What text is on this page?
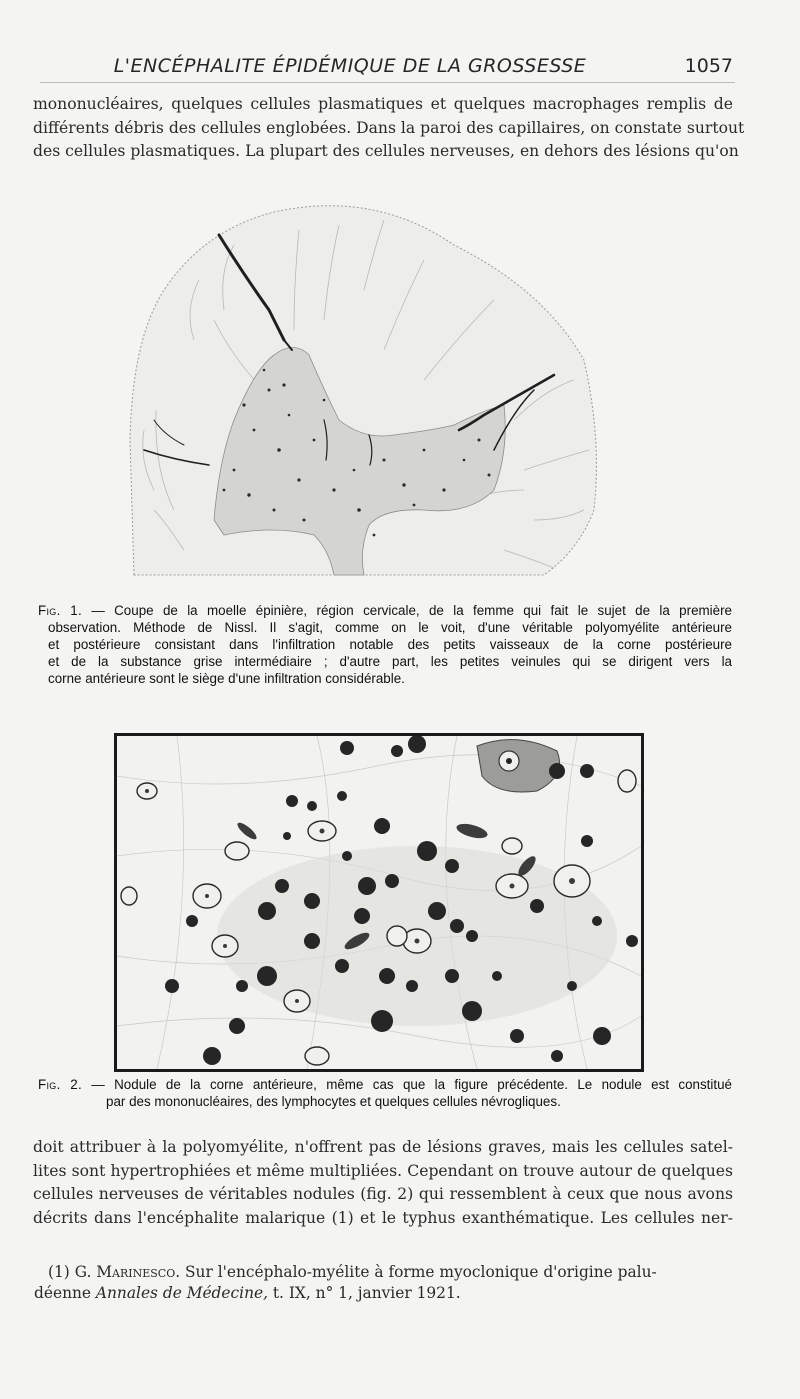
L'ENCÉPHALITE ÉPIDÉMIQUE DE LA GROSSESSE	1057
mononucléaires, quelques cellules plasmatiques et quelques macrophages remplis de
différents débris des cellules englobées. Dans la paroi des capillaires, on constate surtout
des cellules plasmatiques. La plupart des cellules nerveuses, en dehors des lésions qu'on
Fig. 1. — Coupe de la moelle épinière, région cervicale, de la femme qui fait le sujet de la première
observation. Méthode de Nissl. Il s'agit, comme on le voit, d'une véritable polyomyélite antérieure
et postérieure consistant dans l'infiltration notable des petits vaisseaux de la corne postérieure
et de la substance grise intermédiaire ; d'autre part, les petites veinules qui se dirigent vers la
corne antérieure sont le siège d'une infiltration considérable.
Fig. 2. — Nodule de la corne antérieure, même cas que la figure précédente. Le nodule est constitué
par des mononucléaires, des lymphocytes et quelques cellules névrogliques.
doit attribuer à la polyomyélite, n'offrent pas de lésions graves, mais les cellules satel-
lites sont hypertrophiées et même multipliées. Cependant on trouve autour de quelques
cellules nerveuses de véritables nodules (fig. 2) qui ressemblent à ceux que nous avons
décrits dans l'encéphalite malarique (1) et le typhus exanthématique. Les cellules ner-
(1) G. Marinesco. Sur l'encéphalo-myélite à forme myoclonique d'origine palu-
déenne Annales de Médecine, t. IX, n° 1, janvier 1921.
